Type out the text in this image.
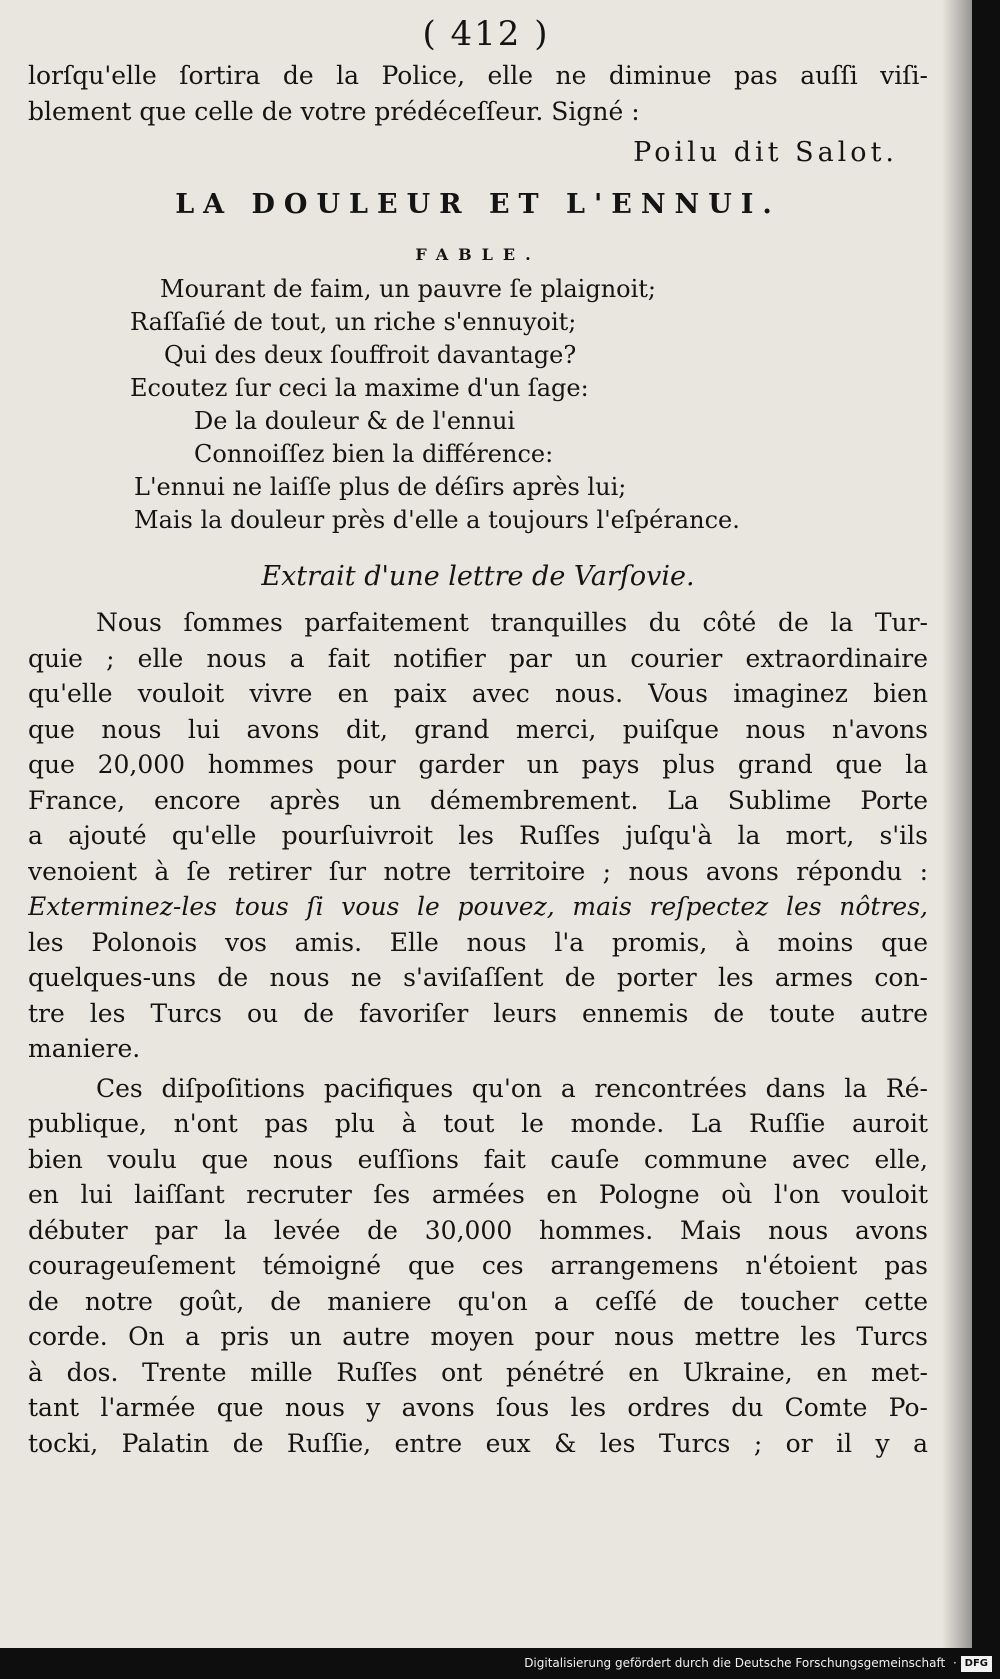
( 412 )
lorſqu'elle ſortira de la Police, elle ne diminue pas auſſi viſi-
blement que celle de votre prédéceſſeur. Signé :
Poilu dit Salot.
LA DOULEUR ET L'ENNUI.
FABLE.
Mourant de faim, un pauvre ſe plaignoit;
Raſſaſié de tout, un riche s'ennuyoit;
Qui des deux ſouffroit davantage?
Ecoutez ſur ceci la maxime d'un ſage:
De la douleur & de l'ennui
Connoiſſez bien la différence:
L'ennui ne laiſſe plus de déſirs après lui;
Mais la douleur près d'elle a toujours l'eſpérance.
Extrait d'une lettre de Varſovie.
Nous ſommes parfaitement tranquilles du côté de la Tur-
quie ; elle nous a fait notifier par un courier extraordinaire
qu'elle vouloit vivre en paix avec nous. Vous imaginez bien
que nous lui avons dit, grand merci, puiſque nous n'avons
que 20,000 hommes pour garder un pays plus grand que la
France, encore après un démembrement. La Sublime Porte
a ajouté qu'elle pourſuivroit les Ruſſes juſqu'à la mort, s'ils
venoient à ſe retirer ſur notre territoire ; nous avons répondu :
Exterminez-les tous ſi vous le pouvez, mais reſpectez les nôtres,
les Polonois vos amis. Elle nous l'a promis, à moins que
quelques-uns de nous ne s'aviſaſſent de porter les armes con-
tre les Turcs ou de favoriſer leurs ennemis de toute autre
maniere.
Ces diſpoſitions pacifiques qu'on a rencontrées dans la Ré-
publique, n'ont pas plu à tout le monde. La Ruſſie auroit
bien voulu que nous euſſions fait cauſe commune avec elle,
en lui laiſſant recruter ſes armées en Pologne où l'on vouloit
débuter par la levée de 30,000 hommes. Mais nous avons
courageuſement témoigné que ces arrangemens n'étoient pas
de notre goût, de maniere qu'on a ceſſé de toucher cette
corde. On a pris un autre moyen pour nous mettre les Turcs
à dos. Trente mille Ruſſes ont pénétré en Ukraine, en met-
tant l'armée que nous y avons ſous les ordres du Comte Po-
tocki, Palatin de Ruſſie, entre eux & les Turcs ; or il y a
Digitalisierung gefördert durch die Deutsche Forschungsgemeinschaft · DFG
